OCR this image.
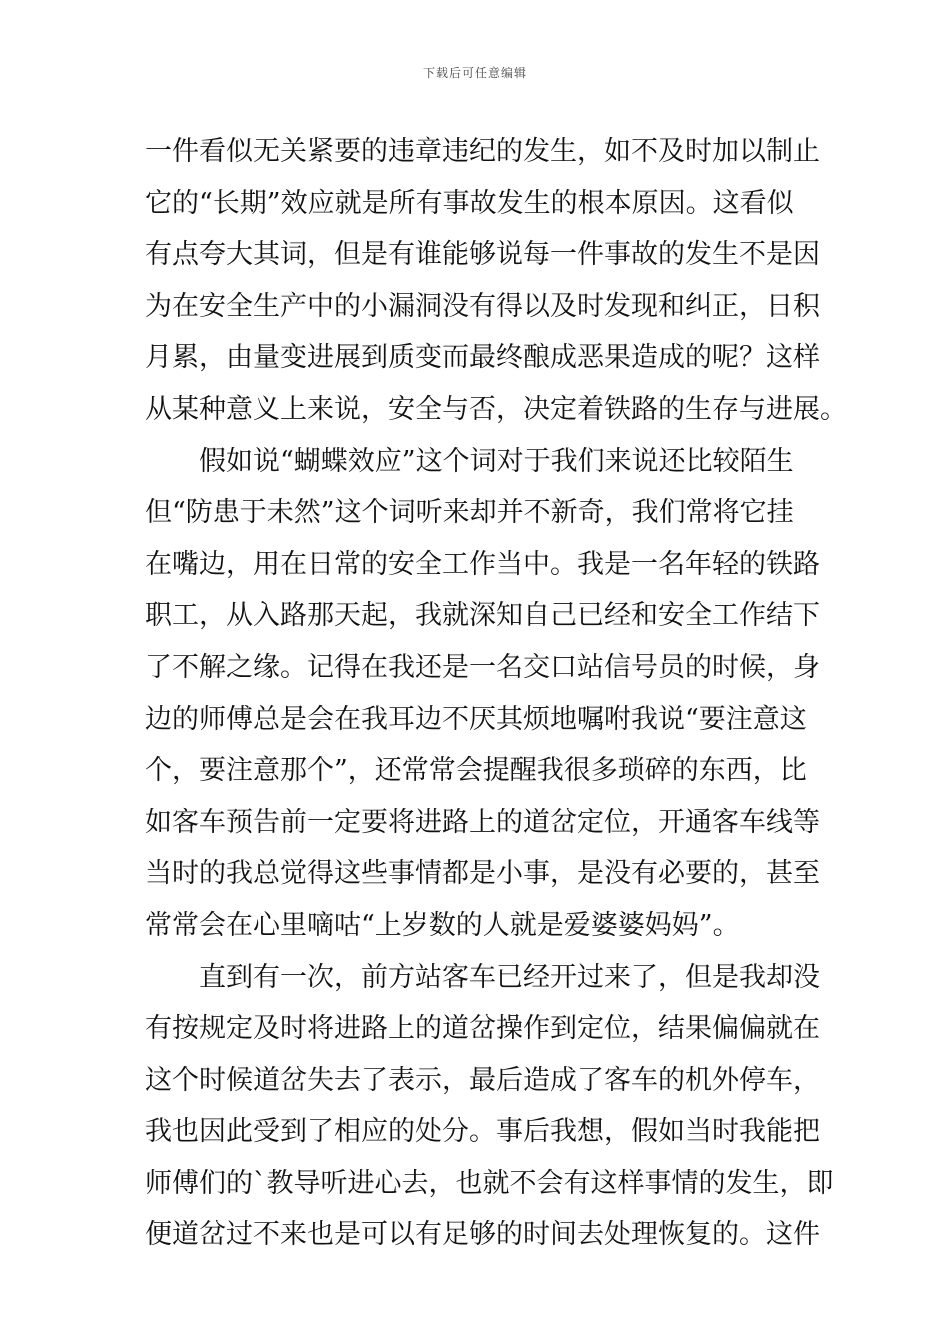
下载后可任意编辑
一件看似无关紧要的违章违纪的发生，如不及时加以制止
它的“长期”效应就是所有事故发生的根本原因。这看似
有点夸大其词，但是有谁能够说每一件事故的发生不是因
为在安全生产中的小漏洞没有得以及时发现和纠正，日积
月累，由量变进展到质变而最终酿成恶果造成的呢？这样
从某种意义上来说，安全与否，决定着铁路的生存与进展。
假如说“蝴蝶效应”这个词对于我们来说还比较陌生
但“防患于未然”这个词听来却并不新奇，我们常将它挂
在嘴边，用在日常的安全工作当中。我是一名年轻的铁路
职工，从入路那天起，我就深知自己已经和安全工作结下
了不解之缘。记得在我还是一名交口站信号员的时候，身
边的师傅总是会在我耳边不厌其烦地嘱咐我说“要注意这
个，要注意那个”，还常常会提醒我很多琐碎的东西，比
如客车预告前一定要将进路上的道岔定位，开通客车线等
当时的我总觉得这些事情都是小事，是没有必要的，甚至
常常会在心里嘀咕“上岁数的人就是爱婆婆妈妈”。
直到有一次，前方站客车已经开过来了，但是我却没
有按规定及时将进路上的道岔操作到定位，结果偏偏就在
这个时候道岔失去了表示，最后造成了客车的机外停车，
我也因此受到了相应的处分。事后我想，假如当时我能把
师傅们的`教导听进心去，也就不会有这样事情的发生，即
便道岔过不来也是可以有足够的时间去处理恢复的。这件
